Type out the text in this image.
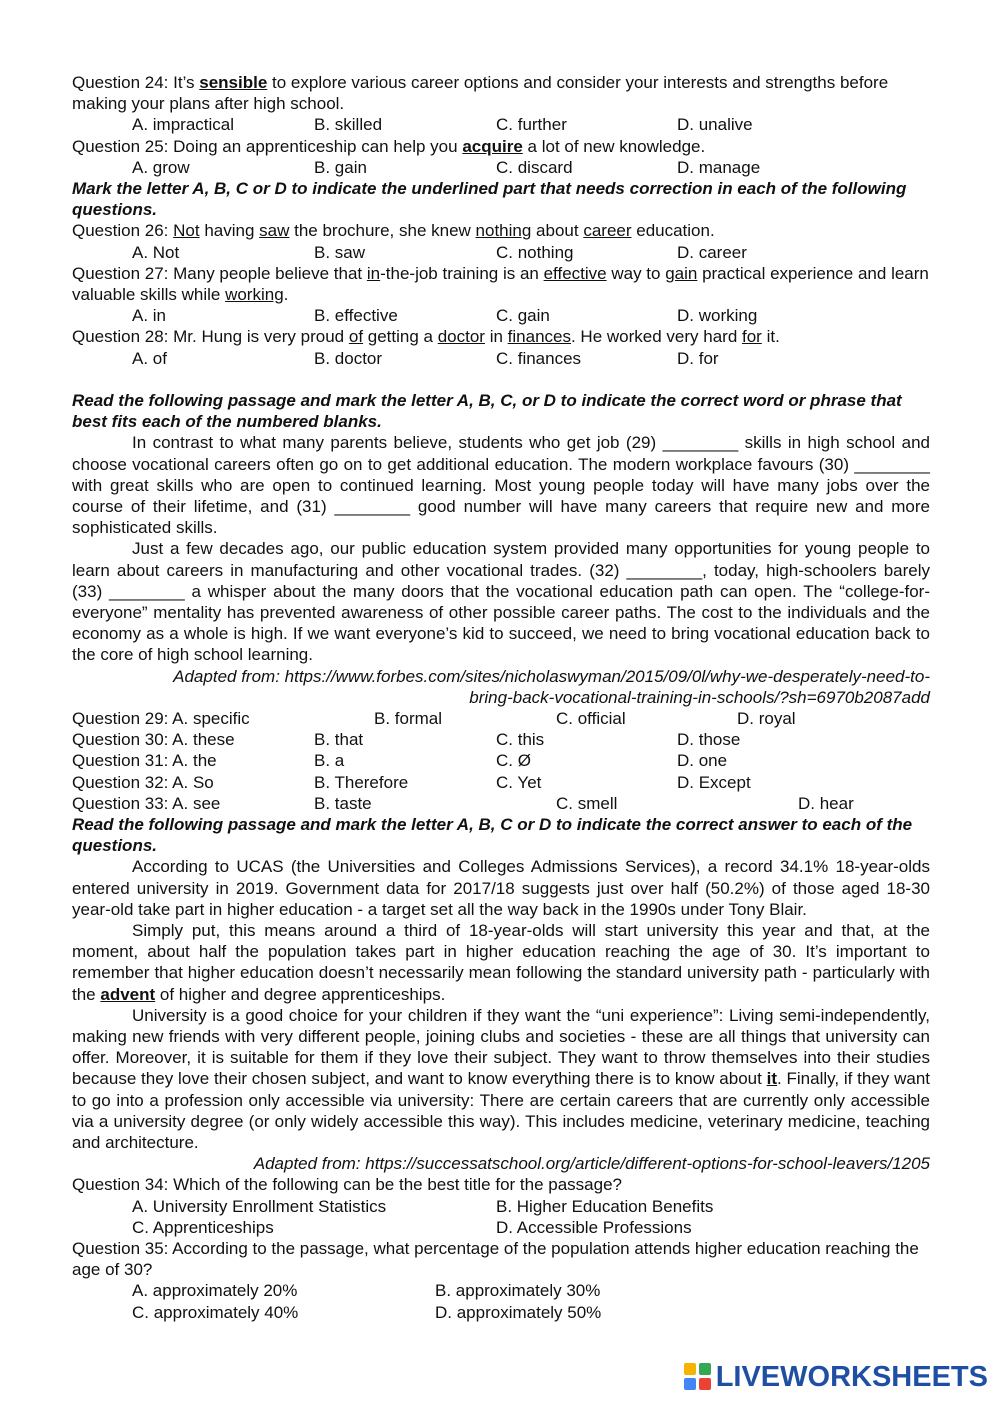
Question 24: It’s sensible to explore various career options and consider your interests and strengths before making your plans after high school.

A. impractical	B. skilled	C. further	D. unalive

Question 25: Doing an apprenticeship can help you acquire a lot of new knowledge.

A. grow	B. gain	C. discard	D. manage

Mark the letter A, B, C or D to indicate the underlined part that needs correction in each of the following questions.

Question 26: Not having saw the brochure, she knew nothing about career education.

A. Not	B. saw	C. nothing	D. career

Question 27: Many people believe that in-the-job training is an effective way to gain practical experience and learn valuable skills while working.

A. in	B. effective	C. gain	D. working

Question 28: Mr. Hung is very proud of getting a doctor in finances. He worked very hard for it.

A. of	B. doctor	C. finances	D. for

Read the following passage and mark the letter A, B, C, or D to indicate the correct word or phrase that best fits each of the numbered blanks.

In contrast to what many parents believe, students who get job (29) ________ skills in high school and choose vocational careers often go on to get additional education. The modern workplace favours (30) ________ with great skills who are open to continued learning. Most young people today will have many jobs over the course of their lifetime, and (31) ________ good number will have many careers that require new and more sophisticated skills.

Just a few decades ago, our public education system provided many opportunities for young people to learn about careers in manufacturing and other vocational trades. (32) ________, today, high-schoolers barely (33) ________ a whisper about the many doors that the vocational education path can open. The “college-for-everyone” mentality has prevented awareness of other possible career paths. The cost to the individuals and the economy as a whole is high. If we want everyone’s kid to succeed, we need to bring vocational education back to the core of high school learning.

Adapted from: https://www.forbes.com/sites/nicholaswyman/2015/09/0l/why-we-desperately-need-to-
bring-back-vocational-training-in-schools/?sh=6970b2087add

Question 29: A. specific	B. formal	C. official	D. royal
Question 30: A. these	B. that	C. this	D. those
Question 31: A. the	B. a	C. Ø	D. one
Question 32: A. So	B. Therefore	C. Yet	D. Except
Question 33: A. see	B. taste	C. smell	D. hear

Read the following passage and mark the letter A, B, C or D to indicate the correct answer to each of the questions.

According to UCAS (the Universities and Colleges Admissions Services), a record 34.1% 18-year-olds entered university in 2019. Government data for 2017/18 suggests just over half (50.2%) of those aged 18-30 year-old take part in higher education - a target set all the way back in the 1990s under Tony Blair.

Simply put, this means around a third of 18-year-olds will start university this year and that, at the moment, about half the population takes part in higher education reaching the age of 30. It’s important to remember that higher education doesn’t necessarily mean following the standard university path - particularly with the advent of higher and degree apprenticeships.

University is a good choice for your children if they want the “uni experience”: Living semi-independently, making new friends with very different people, joining clubs and societies - these are all things that university can offer. Moreover, it is suitable for them if they love their subject. They want to throw themselves into their studies because they love their chosen subject, and want to know everything there is to know about it. Finally, if they want to go into a profession only accessible via university: There are certain careers that are currently only accessible via a university degree (or only widely accessible this way). This includes medicine, veterinary medicine, teaching and architecture.

Adapted from: https://successatschool.org/article/different-options-for-school-leavers/1205

Question 34: Which of the following can be the best title for the passage?

A. University Enrollment Statistics	B. Higher Education Benefits
C. Apprenticeships	D. Accessible Professions

Question 35: According to the passage, what percentage of the population attends higher education reaching the age of 30?

A. approximately 20%	B. approximately 30%
C. approximately 40%	D. approximately 50%
LIVEWORKSHEETS
